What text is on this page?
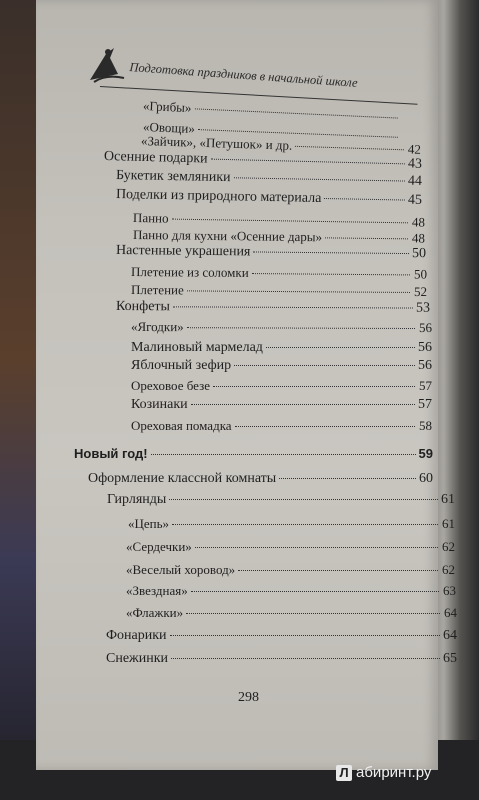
Подготовка праздников в начальной школе
«Грибы»
«Овощи»
«Зайчик», «Петушок» и др.	42
Осенние подарки	43
Букетик земляники	44
Поделки из природного материала	45
Панно	48
Панно для кухни «Осенние дары»	48
Настенные украшения	50
Плетение из соломки	50
Плетение	52
Конфеты	53
«Ягодки»	56
Малиновый мармелад	56
Яблочный зефир	56
Ореховое безе	57
Козинаки	57
Ореховая помадка	58
Новый год!	59
Оформление классной комнаты	60
Гирлянды	61
«Цепь»	61
«Сердечки»	62
«Веселый хоровод»	62
«Звездная»	63
«Флажки»	64
Фонарики	64
Снежинки	65
298
Л абиринт.ру
